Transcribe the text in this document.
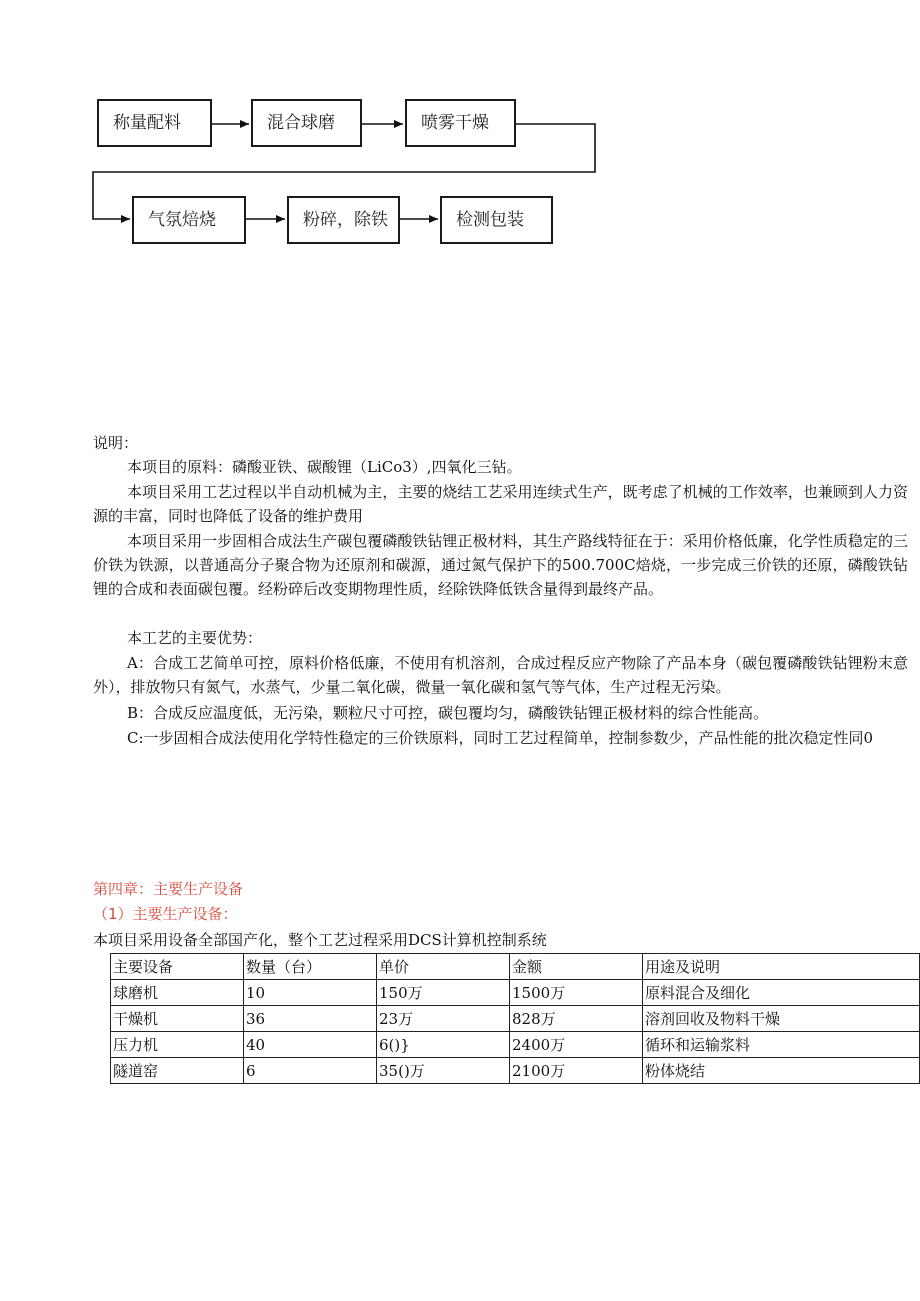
称量配料	混合球磨	喷雾干燥
气氛焙烧	粉碎，除铁	检测包装

说明：

本项目的原料：磷酸亚铁、碳酸锂（LiCo3）,四氧化三钻。

本项目采用工艺过程以半自动机械为主，主要的烧结工艺采用连续式生产，既考虑了机械的工作效率，也兼顾到人力资源的丰富，同时也降低了设备的维护费用

本项目采用一步固相合成法生产碳包覆磷酸铁钻锂正极材料，其生产路线特征在于：采用价格低廉，化学性质稳定的三价铁为铁源，以普通高分子聚合物为还原剂和碳源，通过氮气保护下的500.700C焙烧，一步完成三价铁的还原，磷酸铁钻锂的合成和表面碳包覆。经粉碎后改变期物理性质，经除铁降低铁含量得到最终产品。

本工艺的主要优势：

A：合成工艺简单可控，原料价格低廉，不使用有机溶剂，合成过程反应产物除了产品本身（碳包覆磷酸铁钻锂粉末意外），排放物只有氮气，水蒸气，少量二氧化碳，微量一氧化碳和氢气等气体，生产过程无污染。

B：合成反应温度低，无污染，颗粒尺寸可控，碳包覆均匀，磷酸铁钻锂正极材料的综合性能高。

C:一步固相合成法使用化学特性稳定的三价铁原料，同时工艺过程简单，控制参数少，产品性能的批次稳定性同0

第四章：主要生产设备

（1）主要生产设备：

本项目采用设备全部国产化，整个工艺过程采用DCS计算机控制系统

主要设备	数量（台）	单价	金额	用途及说明
球磨机	10	150万	1500万	原料混合及细化
干燥机	36	23万	828万	溶剂回收及物料干燥
压力机	40	6()}	2400万	循环和运输浆料
隧道窑	6	35()万	2100万	粉体烧结
